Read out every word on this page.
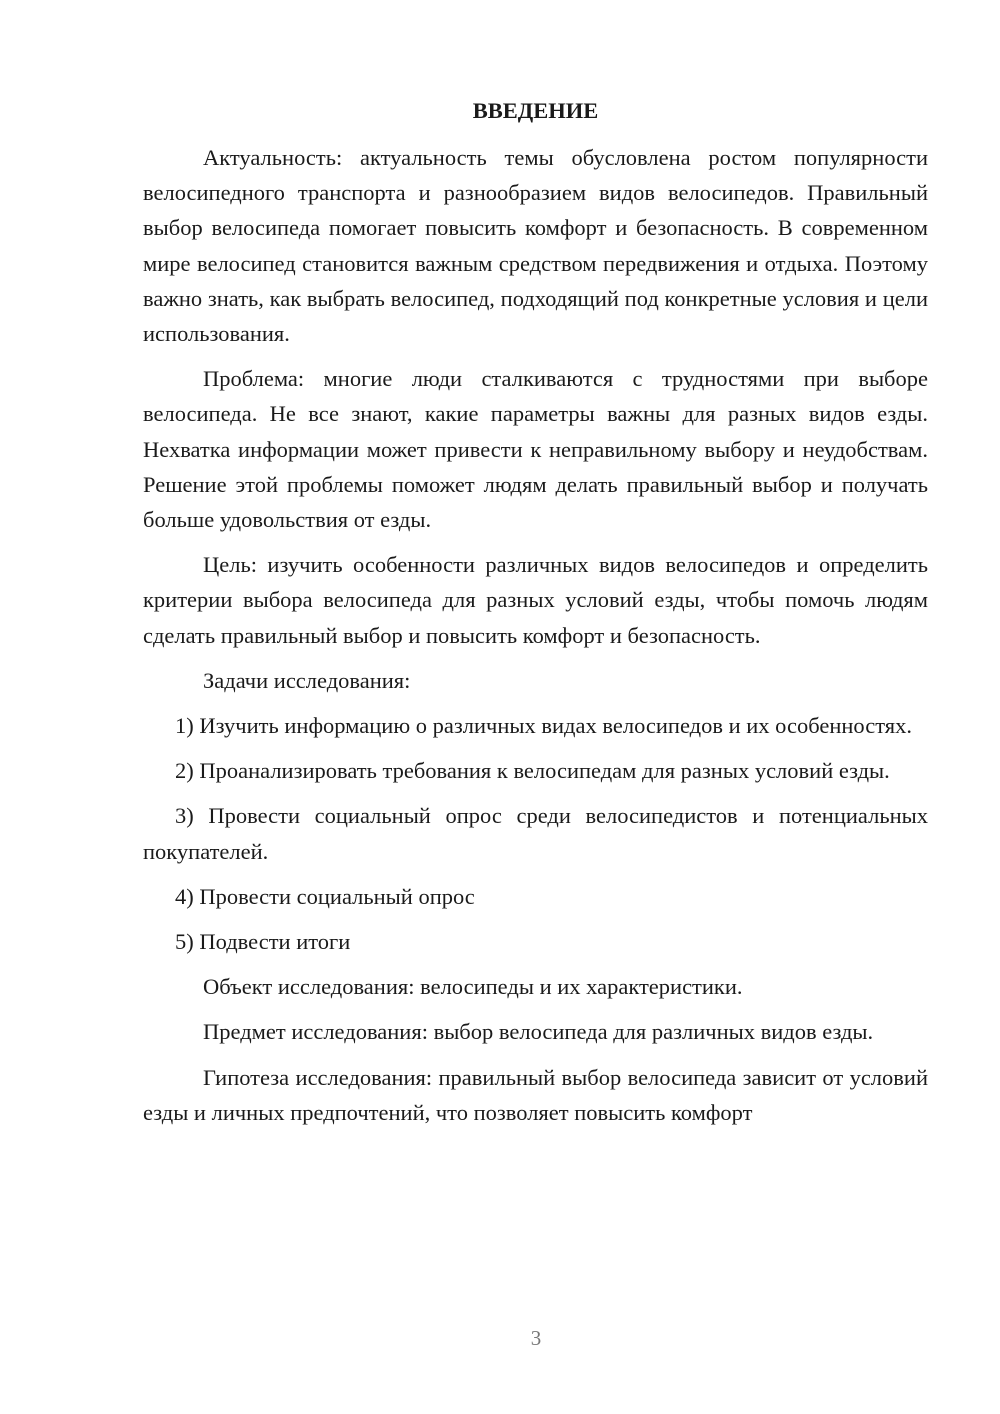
ВВЕДЕНИЕ

Актуальность: актуальность темы обусловлена ростом популярности велосипедного транспорта и разнообразием видов велосипедов. Правильный выбор велосипеда помогает повысить комфорт и безопасность. В современном мире велосипед становится важным средством передвижения и отдыха. Поэтому важно знать, как выбрать велосипед, подходящий под конкретные условия и цели использования.

Проблема: многие люди сталкиваются с трудностями при выборе велосипеда. Не все знают, какие параметры важны для разных видов езды. Нехватка информации может привести к неправильному выбору и неудобствам. Решение этой проблемы поможет людям делать правильный выбор и получать больше удовольствия от езды.

Цель: изучить особенности различных видов велосипедов и определить критерии выбора велосипеда для разных условий езды, чтобы помочь людям сделать правильный выбор и повысить комфорт и безопасность.

Задачи исследования:

1) Изучить информацию о различных видах велосипедов и их особенностях.

2) Проанализировать требования к велосипедам для разных условий езды.

3) Провести социальный опрос среди велосипедистов и потенциальных покупателей.

4) Провести социальный опрос

5) Подвести итоги

Объект исследования: велосипеды и их характеристики.

Предмет исследования: выбор велосипеда для различных видов езды.

Гипотеза исследования: правильный выбор велосипеда зависит от условий езды и личных предпочтений, что позволяет повысить комфорт

3
